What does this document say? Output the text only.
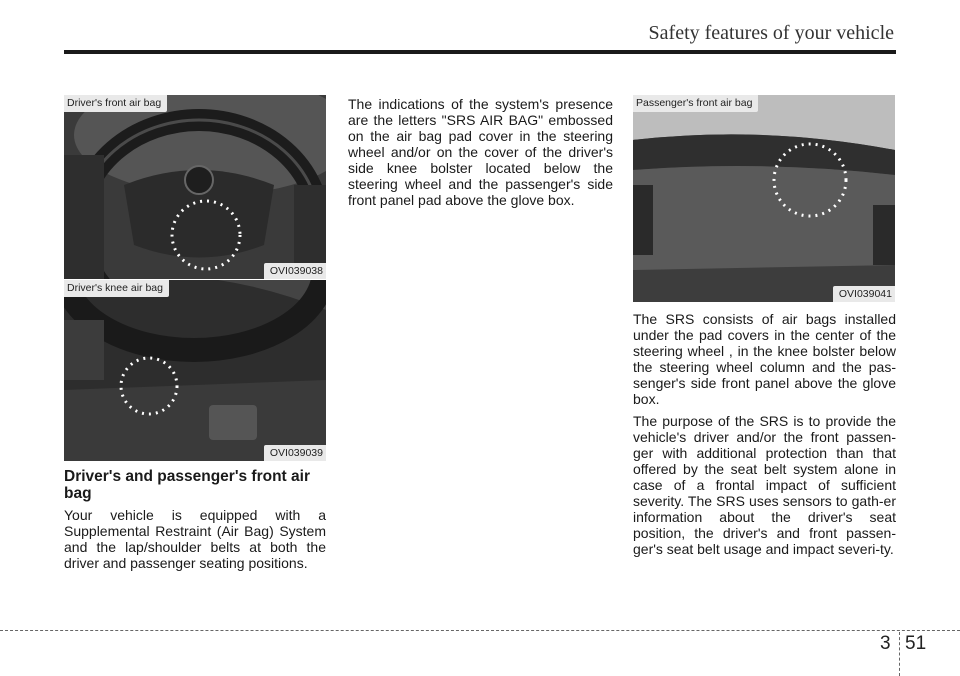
Safety features of your vehicle
Driver's front air bag
OVI039038
Driver's knee air bag
OVI039039
Passenger's front air bag
OVI039041
Driver's and passenger's front air bag

Your vehicle is equipped with a Supplemental Restraint (Air Bag) System and the lap/shoulder belts at both the driver and passenger seating positions.

The indications of the system's presence are the letters "SRS AIR BAG" embossed on the air bag pad cover in the steering wheel and/or on the cover of the driver's side knee bolster located below the steering wheel and the passenger's side front panel pad above the glove box.

The SRS consists of air bags installed under the pad covers in the center of the steering wheel , in the knee bolster below the steering wheel column and the pas-senger's side front panel above the glove box.

The purpose of the SRS is to provide the vehicle's driver and/or the front passen-ger with additional protection than that offered by the seat belt system alone in case of a frontal impact of sufficient severity. The SRS uses sensors to gath-er information about the driver's seat position, the driver's and front passen-ger's seat belt usage and impact severi-ty.

3 51
